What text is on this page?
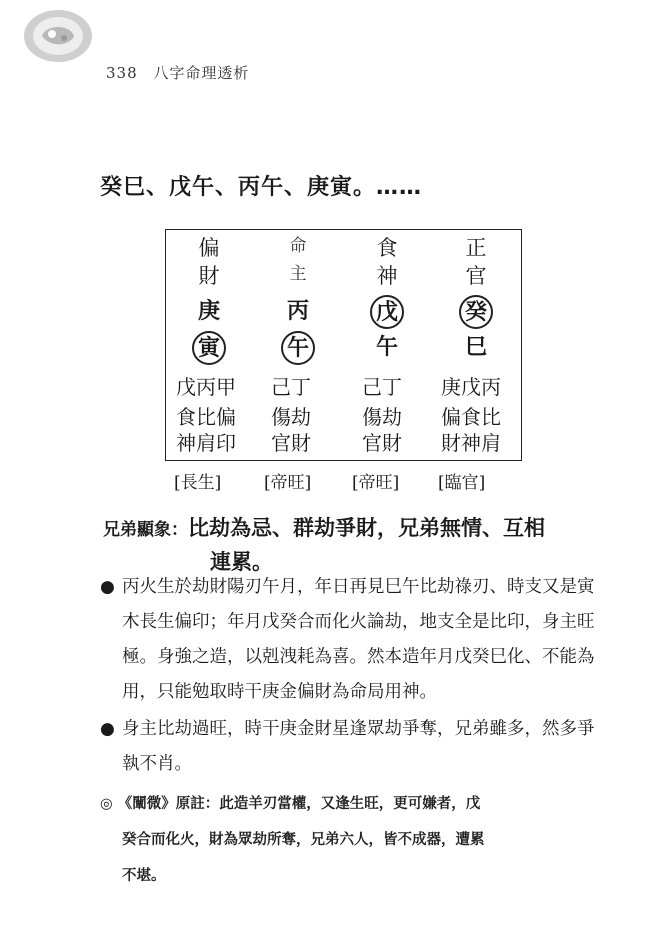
338 八字命理透析
癸巳、戊午、丙午、庚寅。……
偏
財
庚
寅
戊丙甲
食比偏
神肩印
命
主
丙
午
己丁
傷劫
官財
食
神
戊
午
己丁
傷劫
官財
正
官
癸
巳
庚戊丙
偏食比
財神肩
[長生]	[帝旺] [帝旺] [臨官]
兄弟顯象：比劫為忌、群劫爭財，兄弟無情、互相
連累。
● 丙火生於劫財陽刃午月，年日再見巳午比劫祿刃、時支又是寅木長生偏印；年月戊癸合而化火論劫，地支全是比印，身主旺極。身強之造，以剋洩耗為喜。然本造年月戊癸巳化、不能為用，只能勉取時干庚金偏財為命局用神。
● 身主比劫過旺，時干庚金財星逢眾劫爭奪，兄弟雖多，然多爭執不肖。
◎ 《闡微》原註：此造羊刃當權，又逢生旺，更可嫌者，戊
癸合而化火，財為眾劫所奪，兄弟六人，皆不成器，遭累
不堪。
